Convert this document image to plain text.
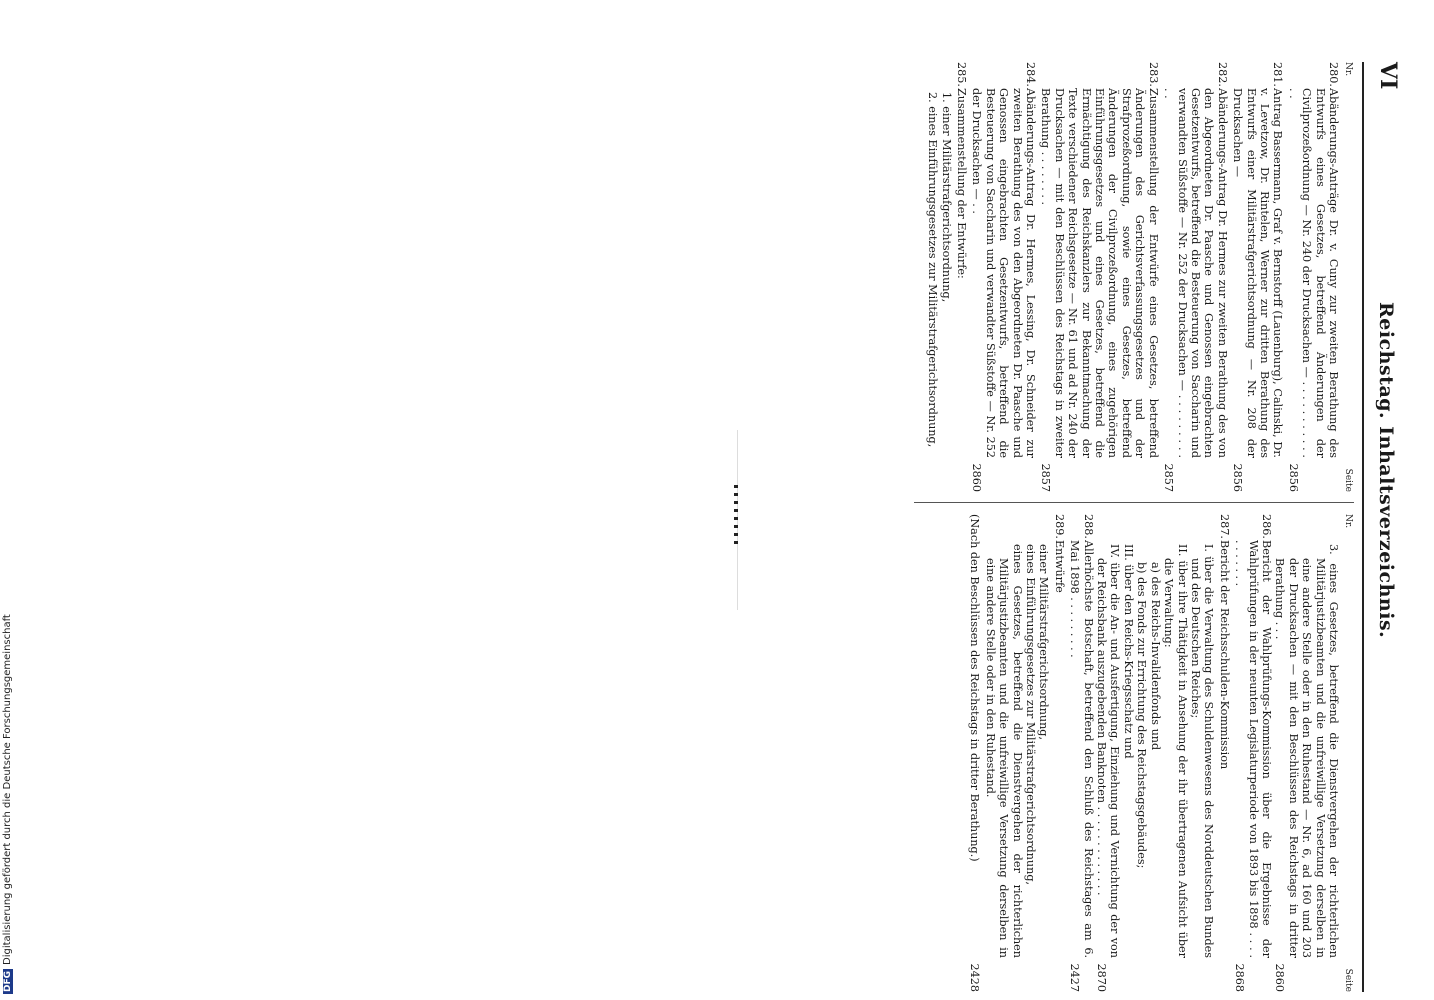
VI
Reichstag. Inhaltsverzeichnis.
Nr.
Seite
280.
Abänderungs-Anträge Dr. v. Cuny zur zweiten Berathung des Entwurfs eines Gesetzes, betreffend Änderungen der Civilprozeßordnung — Nr. 240 der Drucksachen — . . . . . . . . . . . . .
2856
281.
Antrag Bassermann, Graf v. Bernstorff (Lauenburg), Calinski, Dr. v. Levetzow, Dr. Rintelen, Werner zur dritten Berathung des Entwurfs einer Militärstrafgerichtsordnung — Nr. 208 der Drucksachen —
2856
282.
Abänderungs-Antrag Dr. Hermes zur zweiten Berathung des von den Abgeordneten Dr. Paasche und Genossen eingebrachten Gesetzentwurfs, betreffend die Besteuerung von Saccharin und verwandten Süßstoffe — Nr. 252 der Drucksachen — . . . . . . . . . . .
2857
283.
Zusammenstellung der Entwürfe eines Gesetzes, betreffend Änderungen des Gerichtsverfassungsgesetzes und der Strafprozeßordnung, sowie eines Gesetzes, betreffend Änderungen der Civilprozeßordnung, eines zugehörigen Einführungsgesetzes und eines Gesetzes, betreffend die Ermächtigung des Reichskanzlers zur Bekanntmachung der Texte verschiedener Reichsgesetze — Nr. 61 und ad Nr. 240 der Drucksachen — mit den Beschlüssen des Reichstags in zweiter Berathung . . . . . . . .
2857
284.
Abänderungs-Antrag Dr. Hermes, Lessing, Dr. Schneider zur zweiten Berathung des von den Abgeordneten Dr. Paasche und Genossen eingebrachten Gesetzentwurfs, betreffend die Besteuerung von Saccharin und verwandter Süßstoffe — Nr. 252 der Drucksachen — . .
2860
285.
Zusammenstellung der Entwürfe:
1. einer Militärstrafgerichtsordnung,
2. eines Einführungsgesetzes zur Militärstrafgerichtsordnung,
Nr.
Seite
3. eines Gesetzes, betreffend die Dienstvergehen der richterlichen Militärjustizbeamten und die unfreiwillige Versetzung derselben in eine andere Stelle oder in den Ruhestand — Nr. 6, ad 160 und 203 der Drucksachen — mit den Beschlüssen des Reichstags in dritter Berathung . . .
2860
286.
Bericht der Wahlprüfungs-Kommission über die Ergebnisse der Wahlprüfungen in der neunten Legislaturperiode von 1893 bis 1898 . . . . . . . . . . .
2868
287.
Bericht der Reichsschulden-Kommission
I. über die Verwaltung des Schuldenwesens des Norddeutschen Bundes und des Deutschen Reiches;
II. über ihre Thätigkeit in Ansehung der ihr übertragenen Aufsicht über die Verwaltung:
a) des Reichs-Invalidenfonds und
b) des Fonds zur Errichtung des Reichstagsgebäudes;
III. über den Reichs-Kriegsschatz und
IV. über die An- und Ausfertigung, Einziehung und Vernichtung der von der Reichsbank auszugebenden Banknoten . . . . . . . . . . . . .
2870
288.
Allerhöchste Botschaft, betreffend den Schluß des Reichstages am 6. Mai 1898 . . . . . . . . .
2427
289.
Entwürfe
einer Militärstrafgerichtsordnung,
eines Einführungsgesetzes zur Militärstrafgerichtsordnung,
eines Gesetzes, betreffend die Dienstvergehen der richterlichen Militärjustizbeamten und die unfreiwillige Versetzung derselben in eine andere Stelle oder in den Ruhestand.
(Nach den Beschlüssen des Reichstags in dritter Berathung.)
2428
DFGDigitalisierung gefördert durch die Deutsche Forschungsgemeinschaft
